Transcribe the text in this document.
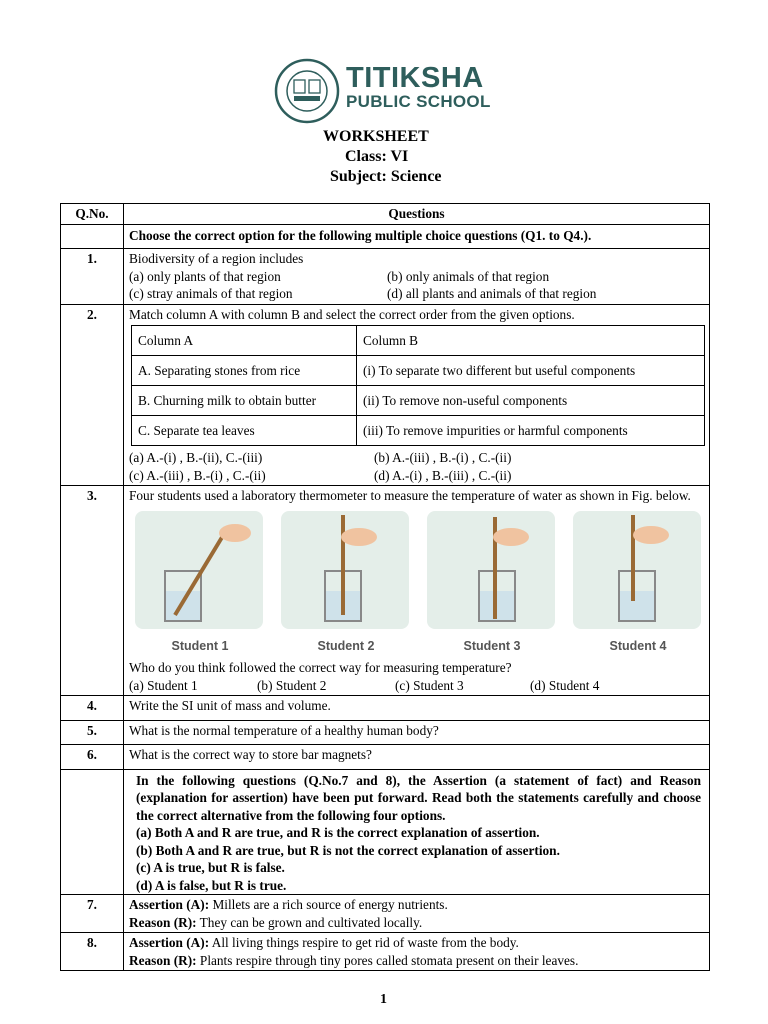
TITIKSHA
PUBLIC SCHOOL
WORKSHEET
Class: VI
Subject: Science
Q.No.	Questions
	Choose the correct option for the following multiple choice questions (Q1. to Q4.).
1.	Biodiversity of a region includes
(a) only plants of that region	(b) only animals of that region
(c) stray animals of that region	(d) all plants and animals of that region

2.	Match column A with column B and select the correct order from the given options.
Column A	Column B
A. Separating stones from rice	(i) To separate two different but useful components
B. Churning milk to obtain butter	(ii) To remove non-useful components
C. Separate tea leaves	(iii) To remove impurities or harmful components
(a) A.-(i) , B.-(ii), C.-(iii)	(b) A.-(iii) , B.-(i) , C.-(ii)
(c) A.-(iii) , B.-(i) , C.-(ii)	(d) A.-(i) , B.-(iii) , C.-(ii)

3.	Four students used a laboratory thermometer to measure the temperature of water as shown in Fig. below.
Student 1	Student 2	Student 3	Student 4
Who do you think followed the correct way for measuring temperature?
(a) Student 1	(b) Student 2	(c) Student 3	(d) Student 4

4.	Write the SI unit of mass and volume.
5.	What is the normal temperature of a healthy human body?
6.	What is the correct way to store bar magnets?

In the following questions (Q.No.7 and 8), the Assertion (a statement of fact) and Reason (explanation for assertion) have been put forward. Read both the statements carefully and choose the correct alternative from the following four options.

(a) Both A and R are true, and R is the correct explanation of assertion.

(b) Both A and R are true, but R is not the correct explanation of assertion.

(c) A is true, but R is false.

(d) A is false, but R is true.

7.	Assertion (A): Millets are a rich source of energy nutrients.
Reason (R): They can be grown and cultivated locally.

8.	Assertion (A): All living things respire to get rid of waste from the body.
Reason (R): Plants respire through tiny pores called stomata present on their leaves.
1
